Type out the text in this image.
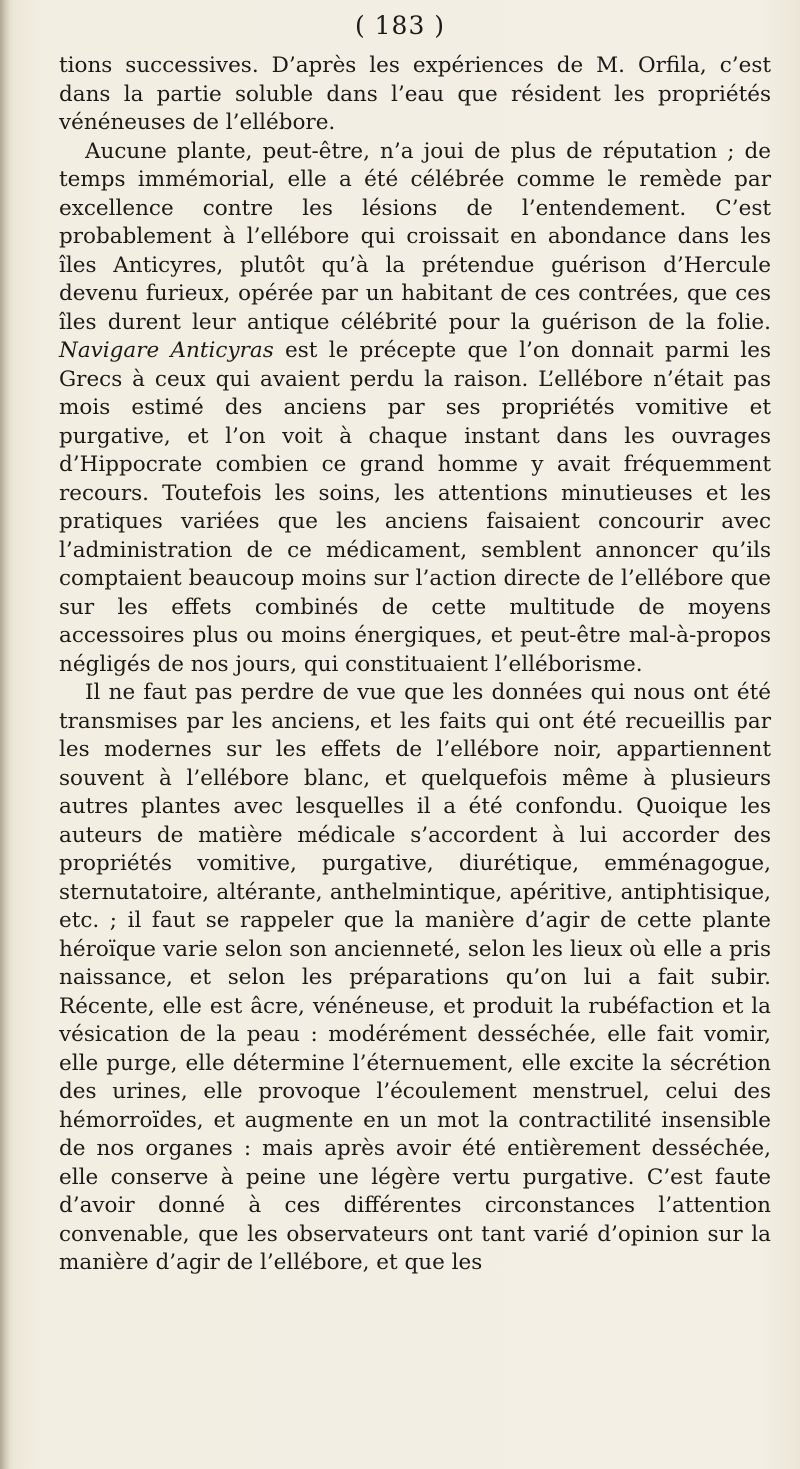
( 183 )

tions successives. D’après les expériences de M. Orfila, c’est dans la partie soluble dans l’eau que résident les propriétés vénéneuses de l’ellébore.

Aucune plante, peut-être, n’a joui de plus de réputation ; de temps immémorial, elle a été célébrée comme le remède par excellence contre les lésions de l’entendement. C’est probablement à l’ellébore qui croissait en abondance dans les îles Anticyres, plutôt qu’à la prétendue guérison d’Hercule devenu furieux, opérée par un habitant de ces contrées, que ces îles durent leur antique célébrité pour la guérison de la folie. Navigare Anticyras est le précepte que l’on donnait parmi les Grecs à ceux qui avaient perdu la raison. L’ellébore n’était pas mois estimé des anciens par ses propriétés vomitive et purgative, et l’on voit à chaque instant dans les ouvrages d’Hippocrate combien ce grand homme y avait fréquemment recours. Toutefois les soins, les attentions minutieuses et les pratiques variées que les anciens faisaient concourir avec l’administration de ce médicament, semblent annoncer qu’ils comptaient beaucoup moins sur l’action directe de l’ellébore que sur les effets combinés de cette multitude de moyens accessoires plus ou moins énergiques, et peut-être mal-à-propos négligés de nos jours, qui constituaient l’elléborisme.

Il ne faut pas perdre de vue que les données qui nous ont été transmises par les anciens, et les faits qui ont été recueillis par les modernes sur les effets de l’ellébore noir, appartiennent souvent à l’ellébore blanc, et quelquefois même à plusieurs autres plantes avec lesquelles il a été confondu. Quoique les auteurs de matière médicale s’accordent à lui accorder des propriétés vomitive, purgative, diurétique, emménagogue, sternutatoire, altérante, anthelmintique, apéritive, antiphtisique, etc. ; il faut se rappeler que la manière d’agir de cette plante héroïque varie selon son ancienneté, selon les lieux où elle a pris naissance, et selon les préparations qu’on lui a fait subir. Récente, elle est âcre, vénéneuse, et produit la rubéfaction et la vésication de la peau : modérément desséchée, elle fait vomir, elle purge, elle détermine l’éternuement, elle excite la sécrétion des urines, elle provoque l’écoulement menstruel, celui des hémorroïdes, et augmente en un mot la contractilité insensible de nos organes : mais après avoir été entièrement desséchée, elle conserve à peine une légère vertu purgative. C’est faute d’avoir donné à ces différentes circonstances l’attention convenable, que les observateurs ont tant varié d’opinion sur la manière d’agir de l’ellébore, et que les
